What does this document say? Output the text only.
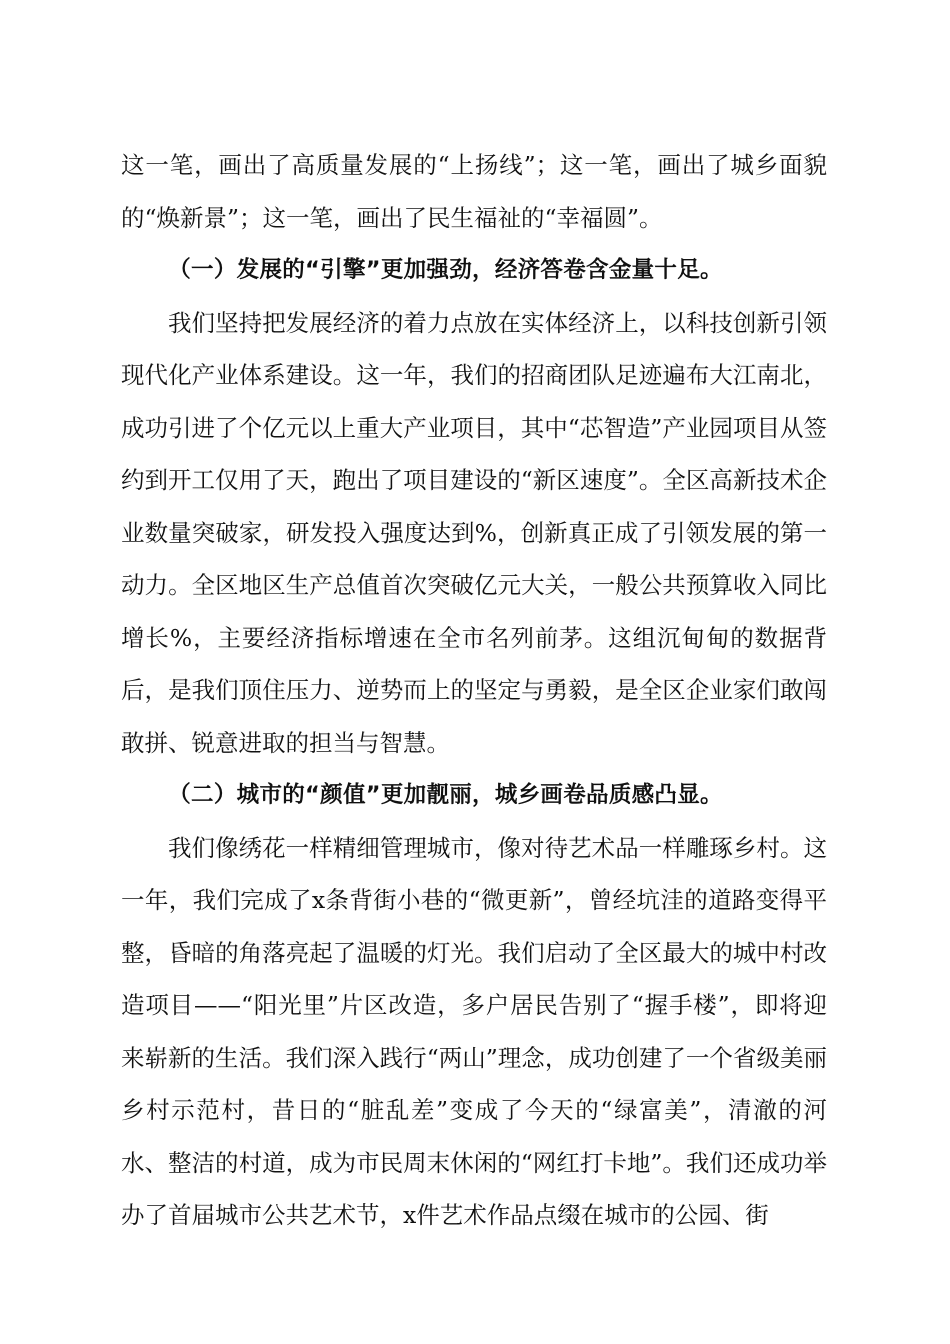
这一笔，画出了高质量发展的“上扬线”；这一笔，画出了城乡面貌的“焕新景”；这一笔，画出了民生福祉的“幸福圆”。

（一）发展的“引擎”更加强劲，经济答卷含金量十足。

我们坚持把发展经济的着力点放在实体经济上，以科技创新引领现代化产业体系建设。这一年，我们的招商团队足迹遍布大江南北，成功引进了个亿元以上重大产业项目，其中“芯智造”产业园项目从签约到开工仅用了天，跑出了项目建设的“新区速度”。全区高新技术企业数量突破家，研发投入强度达到%，创新真正成了引领发展的第一动力。全区地区生产总值首次突破亿元大关，一般公共预算收入同比增长%，主要经济指标增速在全市名列前茅。这组沉甸甸的数据背后，是我们顶住压力、逆势而上的坚定与勇毅，是全区企业家们敢闯敢拼、锐意进取的担当与智慧。

（二）城市的“颜值”更加靓丽，城乡画卷品质感凸显。

我们像绣花一样精细管理城市，像对待艺术品一样雕琢乡村。这一年，我们完成了x条背街小巷的“微更新”，曾经坑洼的道路变得平整，昏暗的角落亮起了温暖的灯光。我们启动了全区最大的城中村改造项目——“阳光里”片区改造，多户居民告别了“握手楼”，即将迎来崭新的生活。我们深入践行“两山”理念，成功创建了一个省级美丽乡村示范村，昔日的“脏乱差”变成了今天的“绿富美”，清澈的河水、整洁的村道，成为市民周末休闲的“网红打卡地”。我们还成功举办了首届城市公共艺术节，x件艺术作品点缀在城市的公园、街
